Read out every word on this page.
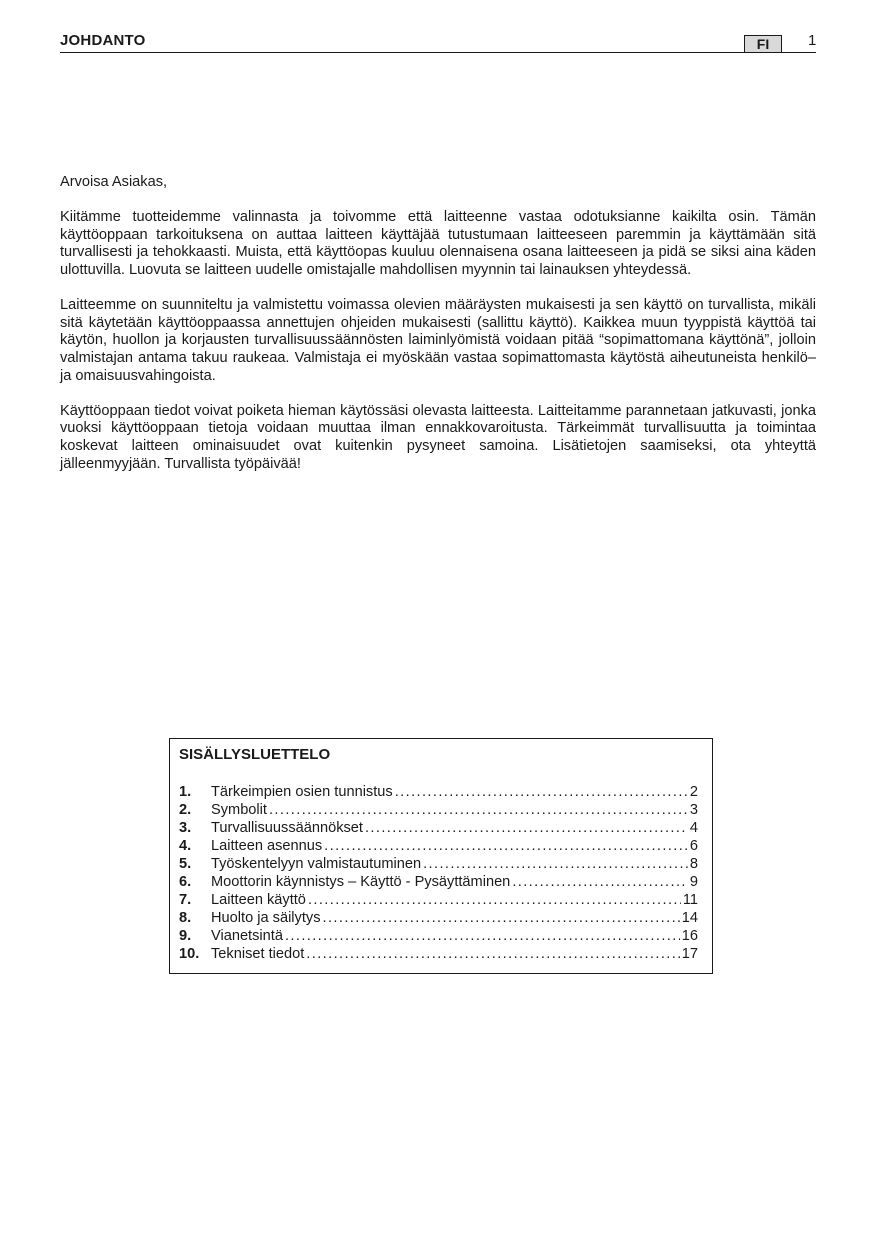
JOHDANTO	FI	1

Arvoisa Asiakas,

Kiitämme tuotteidemme valinnasta ja toivomme että laitteenne vastaa odotuksianne kaikilta osin. Tämän käyttöoppaan tarkoituksena on auttaa laitteen käyttäjää tutustumaan laitteeseen paremmin ja käyttämään sitä turvallisesti ja tehokkaasti. Muista, että käyttöopas kuuluu olennaisena osana laitteeseen ja pidä se siksi aina käden ulottuvilla. Luovuta se laitteen uudelle omistajalle mahdollisen myynnin tai lainauksen yhteydessä.

Laitteemme on suunniteltu ja valmistettu voimassa olevien määräysten mukaisesti ja sen käyttö on turvallista, mikäli sitä käytetään käyttöoppaassa annettujen ohjeiden mukaisesti (sallittu käyttö). Kaikkea muun tyyppistä käyttöä tai käytön, huollon ja korjausten turvallisuussäännösten laiminlyömistä voidaan pitää “sopimattomana käyttönä”, jolloin valmistajan antama takuu raukeaa. Valmistaja ei myöskään vastaa sopimattomasta käytöstä aiheutuneista henkilö– ja omaisuusvahingoista.

Käyttöoppaan tiedot voivat poiketa hieman käytössäsi olevasta laitteesta. Laitteitamme parannetaan jatkuvasti, jonka vuoksi käyttöoppaan tietoja voidaan muuttaa ilman ennakkovaroitusta. Tärkeimmät turvallisuutta ja toimintaa koskevat laitteen ominaisuudet ovat kuitenkin pysyneet samoina. Lisätietojen saamiseksi, ota yhteyttä jälleenmyyjään. Turvallista työpäivää!

SISÄLLYSLUETTELO
1.	Tärkeimpien osien tunnistus .....	2
2.	Symbolit .....	3
3.	Turvallisuussäännökset .....	4
4.	Laitteen asennus .....	6
5.	Työskentelyyn valmistautuminen .....	8
6.	Moottorin käynnistys – Käyttö - Pysäyttäminen .....	9
7.	Laitteen käyttö .....	11
8.	Huolto ja säilytys .....	14
9.	Vianetsintä .....	16
10. Tekniset tiedot .....	17
